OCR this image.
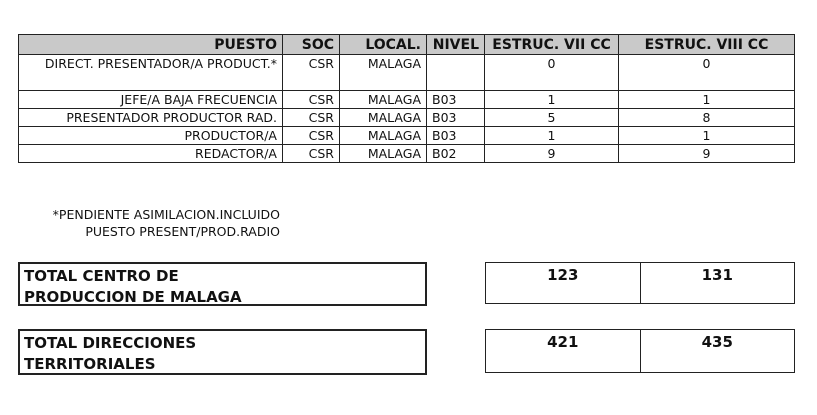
PUESTO	SOC	LOCAL.	NIVEL	ESTRUC. VII CC	ESTRUC. VIII CC
DIRECT. PRESENTADOR/A PRODUCT.*	CSR	MALAGA		0	0
JEFE/A BAJA FRECUENCIA	CSR	MALAGA	B03	1	1
PRESENTADOR PRODUCTOR RAD.	CSR	MALAGA	B03	5	8
PRODUCTOR/A	CSR	MALAGA	B03	1	1
REDACTOR/A	CSR	MALAGA	B02	9	9
*PENDIENTE ASIMILACION.INCLUIDO
PUESTO PRESENT/PROD.RADIO
TOTAL CENTRO DE
PRODUCCION DE MALAGA
123	131
TOTAL DIRECCIONES
TERRITORIALES
421	435
